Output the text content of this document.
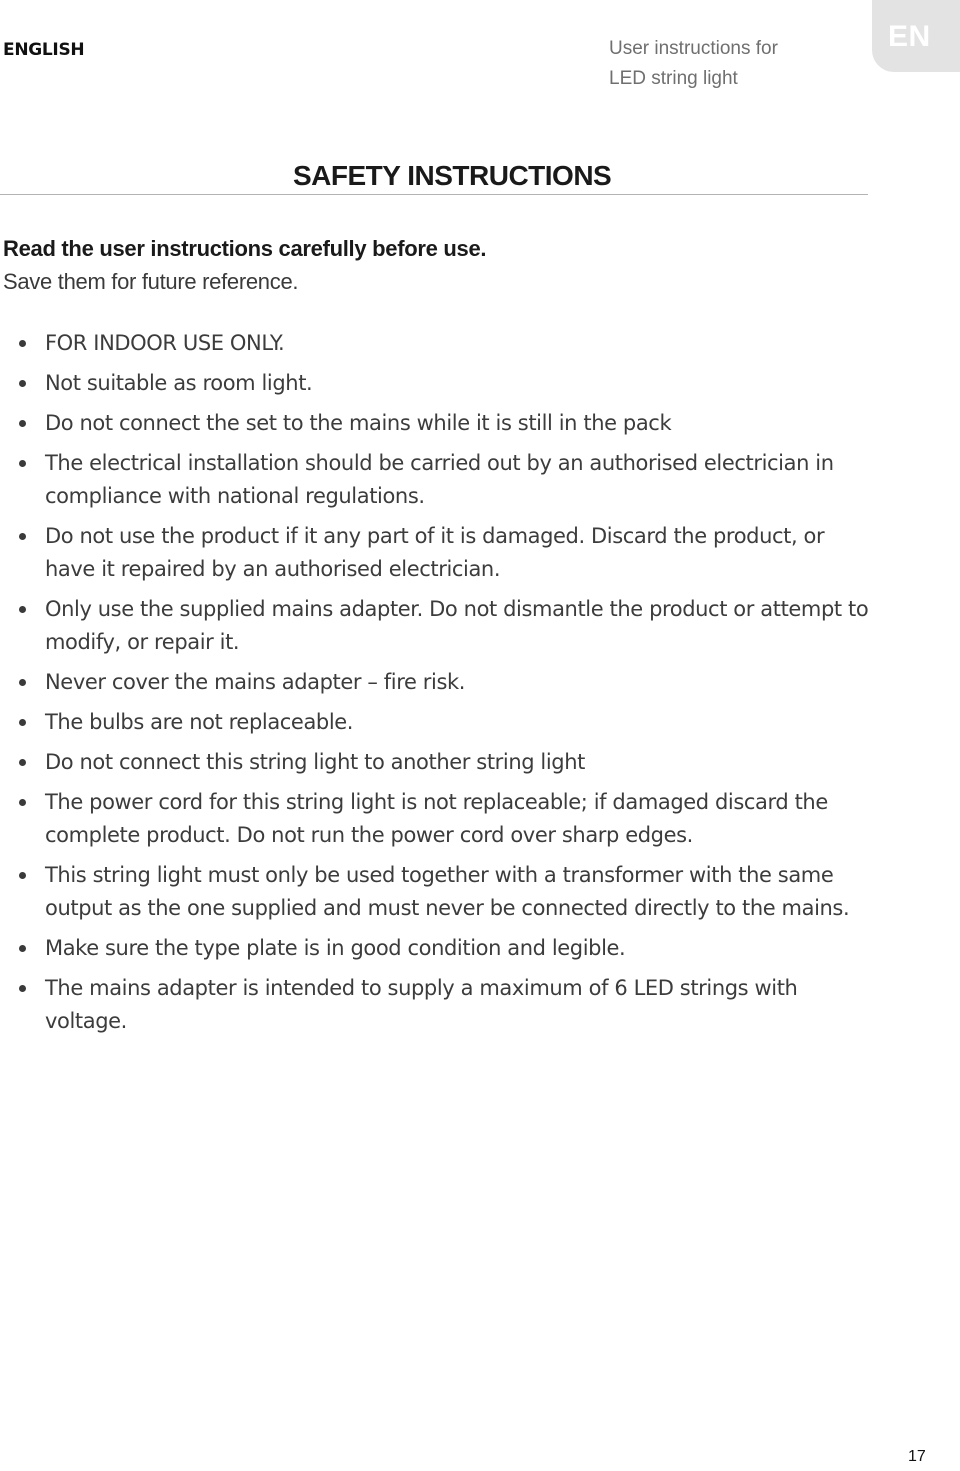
ENGLISH	User instructions for
LED string light

EN
SAFETY INSTRUCTIONS

Read the user instructions carefully before use.

Save them for future reference.

FOR INDOOR USE ONLY.
Not suitable as room light.
Do not connect the set to the mains while it is still in the pack
The electrical installation should be carried out by an authorised electrician in compliance with national regulations.
Do not use the product if it any part of it is damaged. Discard the product, or have it repaired by an authorised electrician.
Only use the supplied mains adapter. Do not dismantle the product or attempt to modify, or repair it.
Never cover the mains adapter – fire risk.
The bulbs are not replaceable.
Do not connect this string light to another string light
The power cord for this string light is not replaceable; if damaged discard the complete product. Do not run the power cord over sharp edges.
This string light must only be used together with a transformer with the same output as the one supplied and must never be connected directly to the mains.
Make sure the type plate is in good condition and legible.
The mains adapter is intended to supply a maximum of 6 LED strings with voltage.

17
